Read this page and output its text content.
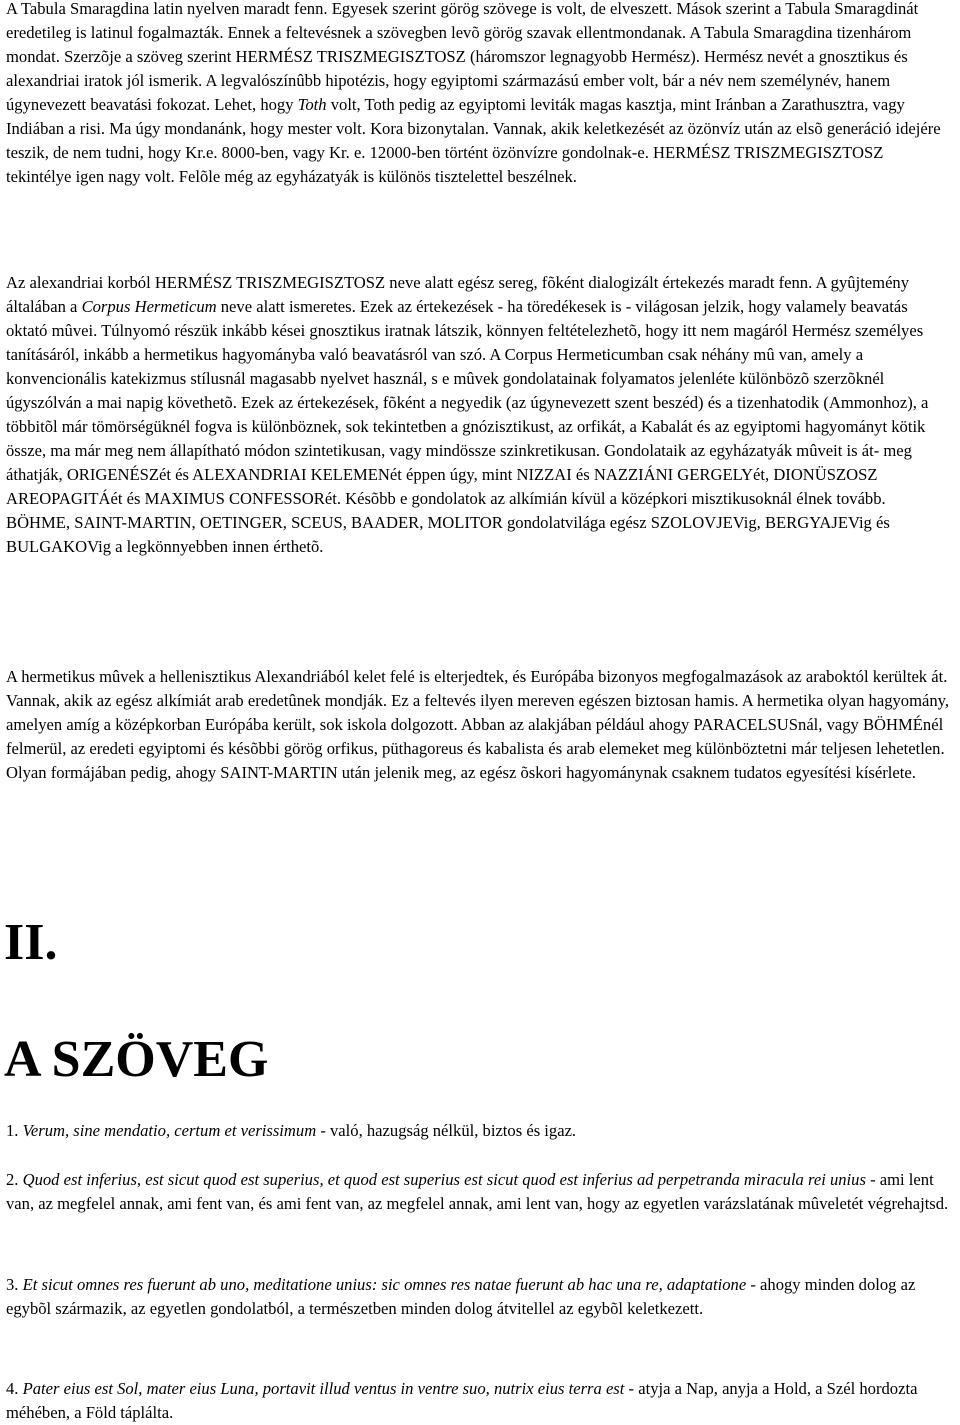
A Tabula Smaragdina latin nyelven maradt fenn. Egyesek szerint görög szövege is volt, de elveszett. Mások szerint a Tabula Smaragdinát eredetileg is latinul fogalmazták. Ennek a feltevésnek a szövegben levõ görög szavak ellentmondanak. A Tabula Smaragdina tizenhárom mondat. Szerzõje a szöveg szerint HERMÉSZ TRISZMEGISZTOSZ (háromszor legnagyobb Hermész). Hermész nevét a gnosztikus és alexandriai iratok jól ismerik. A legvalószínûbb hipotézis, hogy egyiptomi származású ember volt, bár a név nem személynév, hanem úgynevezett beavatási fokozat. Lehet, hogy Toth volt, Toth pedig az egyiptomi leviták magas kasztja, mint Iránban a Zarathusztra, vagy Indiában a risi. Ma úgy mondanánk, hogy mester volt. Kora bizonytalan. Vannak, akik keletkezését az özönvíz után az elsõ generáció idejére teszik, de nem tudni, hogy Kr.e. 8000-ben, vagy Kr. e. 12000-ben történt özönvízre gondolnak-e. HERMÉSZ TRISZMEGISZTOSZ tekintélye igen nagy volt. Felõle még az egyházatyák is különös tisztelettel beszélnek.

Az alexandriai korból HERMÉSZ TRISZMEGISZTOSZ neve alatt egész sereg, fõként dialogizált értekezés maradt fenn. A gyûjtemény általában a Corpus Hermeticum neve alatt ismeretes. Ezek az értekezések - ha töredékesek is - világosan jelzik, hogy valamely beavatás oktató mûvei. Túlnyomó részük inkább kései gnosztikus iratnak látszik, könnyen feltételezhetõ, hogy itt nem magáról Hermész személyes tanításáról, inkább a hermetikus hagyományba való beavatásról van szó. A Corpus Hermeticumban csak néhány mû van, amely a konvencionális katekizmus stílusnál magasabb nyelvet használ, s e mûvek gondolatainak folyamatos jelenléte különbözõ szerzõknél úgyszólván a mai napig követhetõ. Ezek az értekezések, fõként a negyedik (az úgynevezett szent beszéd) és a tizenhatodik (Ammonhoz), a többitõl már tömörségüknél fogva is különböznek, sok tekintetben a gnózisztikust, az orfikát, a Kabalát és az egyiptomi hagyományt kötik össze, ma már meg nem állapítható módon szintetikusan, vagy mindössze szinkretikusan. Gondolataik az egyházatyák mûveit is át- meg áthatják, ORIGENÉSZét és ALEXANDRIAI KELEMENét éppen úgy, mint NIZZAI és NAZZIÁNI GERGELYét, DIONÜSZOSZ AREOPAGITÁét és MAXIMUS CONFESSORét. Késõbb e gondolatok az alkímián kívül a középkori misztikusoknál élnek tovább. BÖHME, SAINT-MARTIN, OETINGER, SCEUS, BAADER, MOLITOR gondolatvilága egész SZOLOVJEVig, BERGYAJEVig és BULGAKOVig a legkönnyebben innen érthetõ.

A hermetikus mûvek a hellenisztikus Alexandriából kelet felé is elterjedtek, és Európába bizonyos megfogalmazások az araboktól kerültek át. Vannak, akik az egész alkímiát arab eredetûnek mondják. Ez a feltevés ilyen mereven egészen biztosan hamis. A hermetika olyan hagyomány, amelyen amíg a középkorban Európába került, sok iskola dolgozott. Abban az alakjában például ahogy PARACELSUSnál, vagy BÖHMÉnél felmerül, az eredeti egyiptomi és késõbbi görög orfikus, püthagoreus és kabalista és arab elemeket meg különböztetni már teljesen lehetetlen. Olyan formájában pedig, ahogy SAINT-MARTIN után jelenik meg, az egész õskori hagyománynak csaknem tudatos egyesítési kísérlete.

II.
A SZÖVEG

1. Verum, sine mendatio, certum et verissimum - való, hazugság nélkül, biztos és igaz.

2. Quod est inferius, est sicut quod est superius, et quod est superius est sicut quod est inferius ad perpetranda miracula rei unius - ami lent van, az megfelel annak, ami fent van, és ami fent van, az megfelel annak, ami lent van, hogy az egyetlen varázslatának mûveletét végrehajtsd.

3. Et sicut omnes res fuerunt ab uno, meditatione unius: sic omnes res natae fuerunt ab hac una re, adaptatione - ahogy minden dolog az egybõl származik, az egyetlen gondolatból, a természetben minden dolog átvitellel az egybõl keletkezett.

4. Pater eius est Sol, mater eius Luna, portavit illud ventus in ventre suo, nutrix eius terra est - atyja a Nap, anyja a Hold, a Szél hordozta méhében, a Föld táplálta.
